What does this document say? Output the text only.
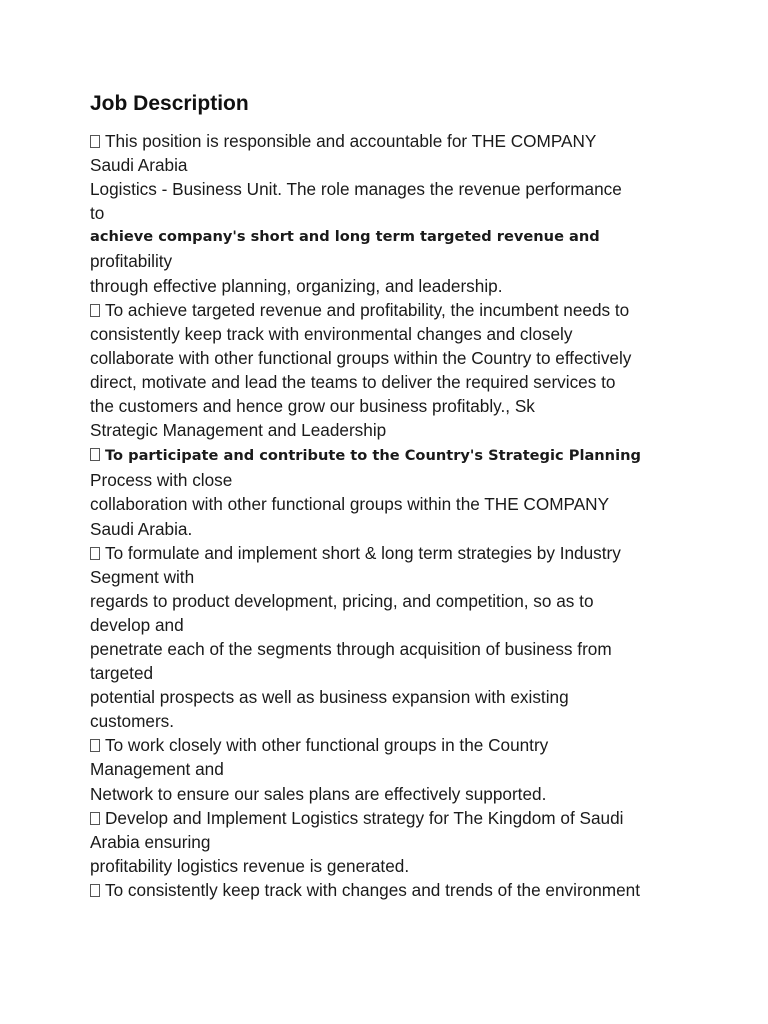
Job Description
This position is responsible and accountable for THE COMPANY
Saudi Arabia
Logistics - Business Unit. The role manages the revenue performance
to
achieve company's short and long term targeted revenue and
profitability
through effective planning, organizing, and leadership.
To achieve targeted revenue and profitability, the incumbent needs to
consistently keep track with environmental changes and closely
collaborate with other functional groups within the Country to effectively
direct, motivate and lead the teams to deliver the required services to
the customers and hence grow our business profitably., Sk
Strategic Management and Leadership
To participate and contribute to the Country's Strategic Planning
Process with close
collaboration with other functional groups within the THE COMPANY
Saudi Arabia.
To formulate and implement short & long term strategies by Industry
Segment with
regards to product development, pricing, and competition, so as to
develop and
penetrate each of the segments through acquisition of business from
targeted
potential prospects as well as business expansion with existing
customers.
To work closely with other functional groups in the Country
Management and
Network to ensure our sales plans are effectively supported.
Develop and Implement Logistics strategy for The Kingdom of Saudi
Arabia ensuring
profitability logistics revenue is generated.
To consistently keep track with changes and trends of the environment
